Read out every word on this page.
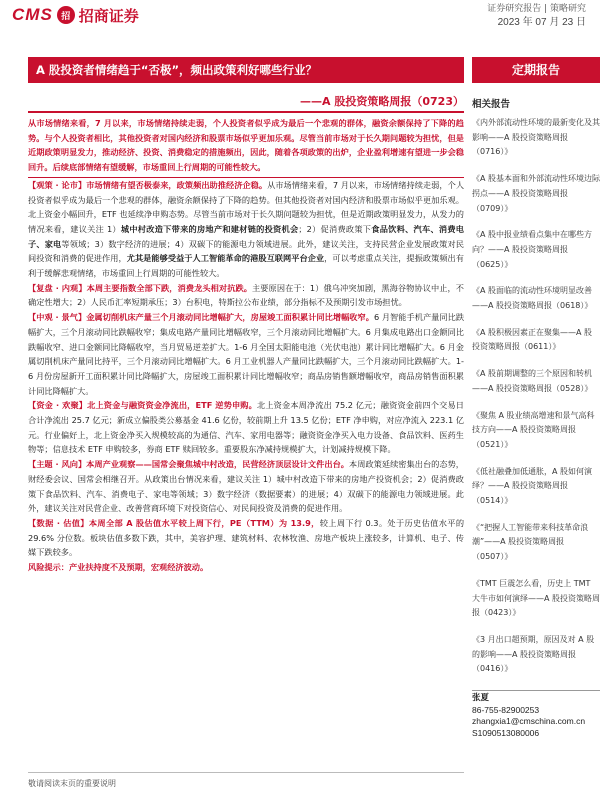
CMS 招 招商证券	证券研究报告 | 策略研究
2023 年 07 月 23 日
A 股投资者情绪趋于“否极”，频出政策利好哪些行业？	定期报告
——A 股投资策略周报（0723）

从市场情绪来看，7 月以来，市场情绪持续走弱，个人投资者似乎成为最后一个悲观的群体，融资余额保持了下降的趋势。与个人投资者相比，其他投资者对国内经济和股票市场似乎更加乐观。尽管当前市场对于长久期问题较为担忧，但是近期政策明显发力，推动经济、投资、消费稳定的措施频出，因此，随着各项政策的出炉，企业盈利增速有望进一步会稳回升。后续底部情绪有望缓解，市场重回上行周期的可能性较大。

【观策 · 论市】市场情绪有望否极泰来，政策频出助推经济企稳。从市场情绪来看，7 月以来，市场情绪持续走弱，个人投资者似乎成为最后一个悲观的群体，融资余额保持了下降的趋势。但其他投资者对国内经济和股票市场似乎更加乐观。北上资金小幅回升，ETF 也延续净申购态势。尽管当前市场对于长久期问题较为担忧，但是近期政策明显发力，从发力的情况来看，建议关注 1）城中村改造下带来的房地产和建材链的投资机会；2）促消费政策下食品饮料、汽车、消费电子、家电等领域；3）数字经济的进展；4）双碳下的能源电力领域进展。此外，建议关注，支持民营企业发展政策对民间投资和消费的促进作用，尤其是能够受益于人工智能革命的港股互联网平台企业，可以考虑重点关注，提振政策频出有利于缓解悲观情绪，市场重回上行周期的可能性较大。

【复盘 · 内观】本周主要指数全部下跌，消费龙头相对抗跌。主要原因在于：1）俄乌冲突加剧，黑海谷物协议中止，不确定性增大；2）人民币汇率短期承压；3）台积电，特斯拉公布业绩，部分指标不及预期引发市场担忧。

【中观 · 景气】金属切削机床产量三个月滚动同比增幅扩大，房屋竣工面积累计同比增幅收窄。6 月智能手机产量同比跌幅扩大，三个月滚动同比跌幅收窄；集成电路产量同比增幅收窄，三个月滚动同比增幅扩大。6 月集成电路出口金额同比跌幅收窄、进口金额同比降幅收窄，当月贸易逆差扩大。1-6 月全国太阳能电池（光伏电池）累计同比增幅扩大。6 月金属切削机床产量同比持平，三个月滚动同比增幅扩大。6 月工业机器人产量同比跌幅扩大，三个月滚动同比跌幅扩大。1-6 月份房屋新开工面积累计同比降幅扩大，房屋竣工面积累计同比增幅收窄；商品房销售额增幅收窄，商品房销售面积累计同比降幅扩大。

【资金 · 欢聚】北上资金与融资资金净流出，ETF 逆势申购。北上资金本周净流出 75.2 亿元；融资资金前四个交易日合计净流出 25.7 亿元；新成立偏股类公募基金 41.6 亿份，较前期上升 13.5 亿份；ETF 净申购，对应净流入 223.1 亿元。行业偏好上，北上资金净买入规模较高的为通信、汽车、家用电器等；融资资金净买入电力设备、食品饮料、医药生物等；信息技术 ETF 申购较多，券商 ETF 赎回较多。重要股东净减持规模扩大，计划减持规模下降。

【主题 · 风向】本周产业观察——国常会聚焦城中村改造，民营经济顶层设计文件出台。本周政策延续密集出台的态势，财经委会议、国常会相继召开。从政策出台情况来看，建议关注 1）城中村改造下带来的房地产投资机会；2）促消费政策下食品饮料、汽车、消费电子、家电等领域；3）数字经济（数据要素）的进展；4）双碳下的能源电力领域进展。此外，建议关注对民营企业、改善营商环境下对投资信心、对民间投资及消费的促进作用。

【数据 · 估值】本周全部 A 股估值水平较上周下行，PE（TTM）为 13.9，较上周下行 0.3。处于历史估值水平的 29.6% 分位数。板块估值多数下跌，其中，美容护理、建筑材料、农林牧渔、房地产板块上涨较多，计算机、电子、传媒下跌较多。

风险提示：产业扶持度不及预期，宏观经济波动。

相关报告
《内外部流动性环境的最新变化及其影响——A 股投资策略周报（0716）》
《A 股基本面和外部流动性环境边际拐点——A 股投资策略周报（0709）》
《A 股中报业绩看点集中在哪些方向？——A 股投资策略周报（0625）》
《A 股面临的流动性环境明显改善——A 股投资策略周报（0618）》
《A 股积极因素正在聚集——A 股投资策略周报（0611）》
《A 股前期调整的三个原因和转机——A 股投资策略周报（0528）》
《聚焦 A 股业绩高增速和景气高科技方向——A 股投资策略周报（0521）》
《低社融叠加低通胀，A 股如何演绎？——A 股投资策略周报（0514）》
《“把握人工智能带来科技革命浪潮”——A 股投资策略周报（0507）》
《TMT 巨震怎么看，历史上 TMT 大牛市如何演绎——A 股投资策略周报（0423）》
《3 月出口超预期，原因及对 A 股的影响——A 股投资策略周报（0416）》
张夏
86-755-82900253
zhangxia1@cmschina.com.cn
S1090513080006
敬请阅读末页的重要说明
